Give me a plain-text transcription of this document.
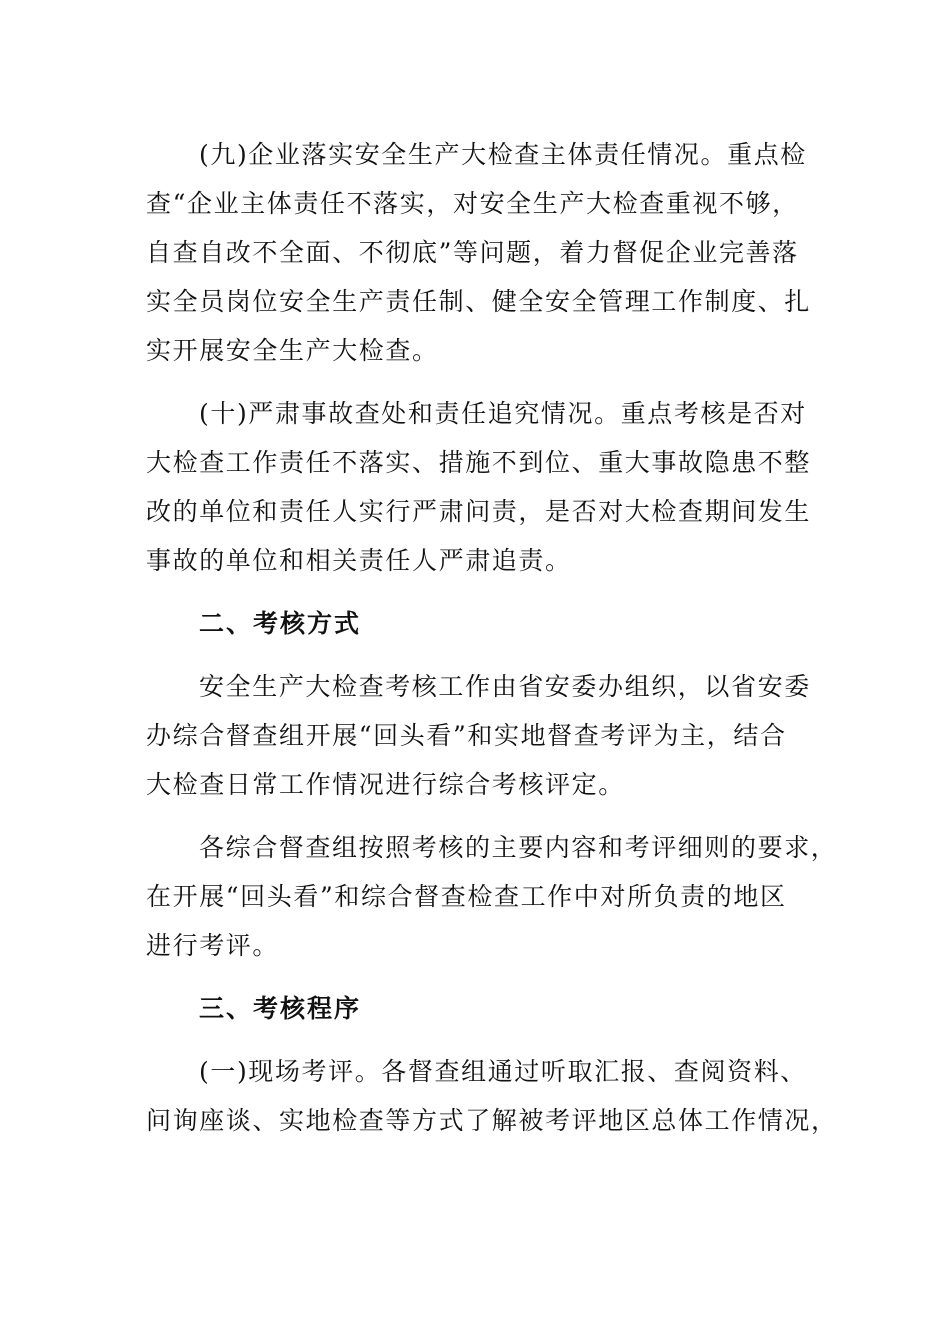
(九)企业落实安全生产大检查主体责任情况。重点检
查“企业主体责任不落实，对安全生产大检查重视不够，
自查自改不全面、不彻底”等问题，着力督促企业完善落
实全员岗位安全生产责任制、健全安全管理工作制度、扎
实开展安全生产大检查。

(十)严肃事故查处和责任追究情况。重点考核是否对
大检查工作责任不落实、措施不到位、重大事故隐患不整
改的单位和责任人实行严肃问责，是否对大检查期间发生
事故的单位和相关责任人严肃追责。

二、考核方式

安全生产大检查考核工作由省安委办组织，以省安委
办综合督查组开展“回头看”和实地督查考评为主，结合
大检查日常工作情况进行综合考核评定。

各综合督查组按照考核的主要内容和考评细则的要求，
在开展“回头看”和综合督查检查工作中对所负责的地区
进行考评。

三、考核程序

(一)现场考评。各督查组通过听取汇报、查阅资料、
问询座谈、实地检查等方式了解被考评地区总体工作情况，
